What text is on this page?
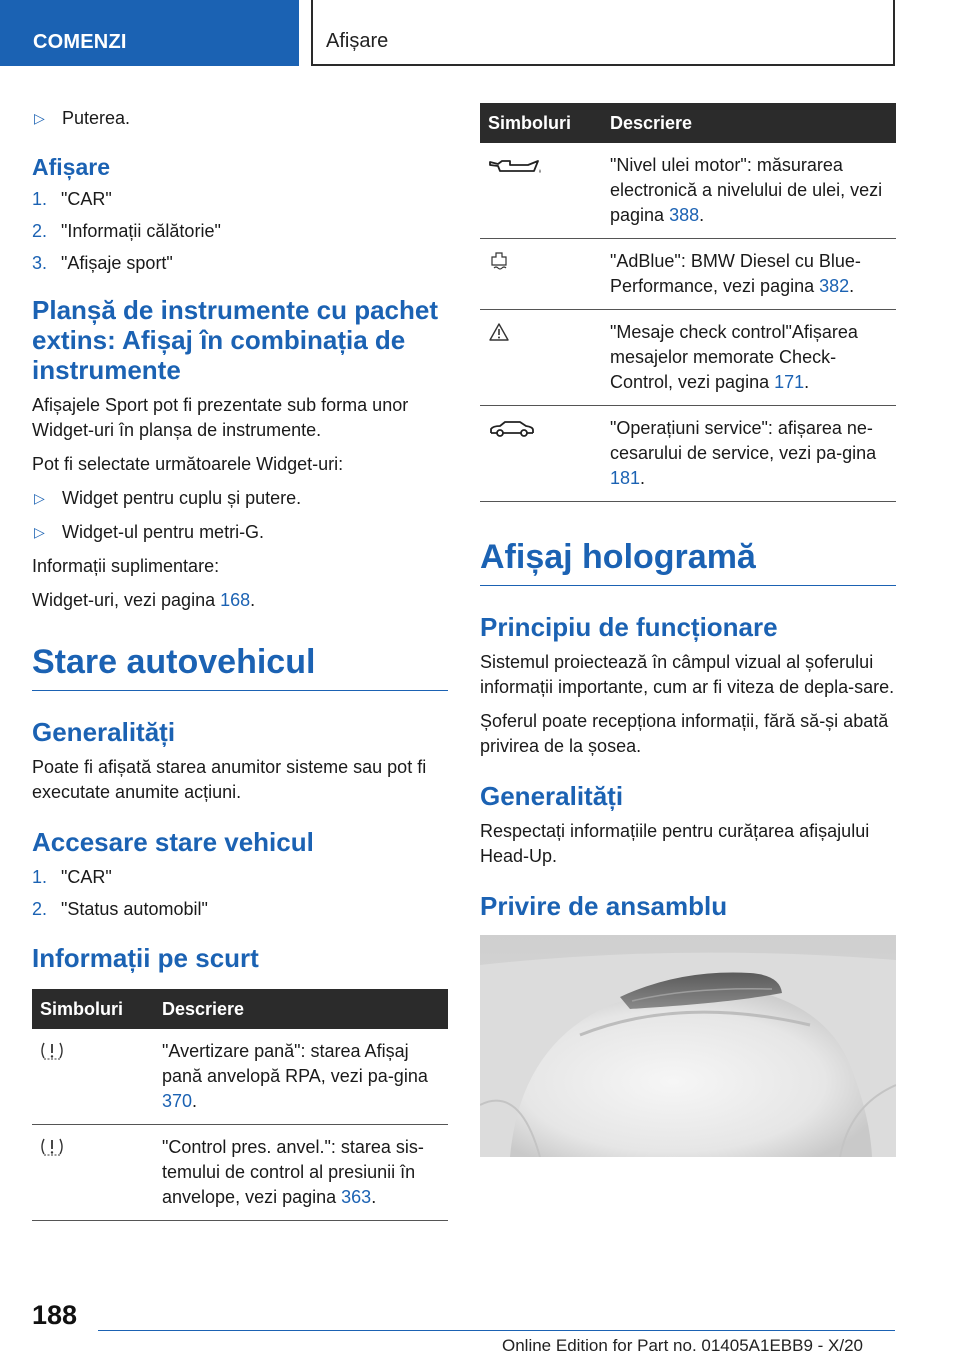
COMENZI	Afișare
▷ Puterea.
Afișare
1. "CAR"
2. "Informații călătorie"
3. "Afișaje sport"
Planșă de instrumente cu pachet extins: Afișaj în combinația de instrumente

Afișajele Sport pot fi prezentate sub forma unor Widget-uri în planșa de instrumente.

Pot fi selectate următoarele Widget-uri:

▷ Widget pentru cuplu și putere.
▷ Widget-ul pentru metri-G.

Informații suplimentare:

Widget-uri, vezi pagina 168.

Stare autovehicul
Generalități

Poate fi afișată starea anumitor sisteme sau pot fi executate anumite acțiuni.

Accesare stare vehicul
1. "CAR"
2. "Status automobil"
Informații pe scurt
Simboluri	Descriere
	"Avertizare pană": starea Afișaj pană anvelopă RPA, vezi pa-gina 370.
	"Control pres. anvel.": starea sis-temului de control al presiunii în anvelope, vezi pagina 363.
Simboluri	Descriere
	"Nivel ulei motor": măsurarea electronică a nivelului de ulei, vezi pagina 388.
	"AdBlue": BMW Diesel cu Blue-Performance, vezi pagina 382.
	"Mesaje check control"Afișarea mesajelor memorate Check-Control, vezi pagina 171.
	"Operațiuni service": afișarea ne-cesarului de service, vezi pa-gina 181.
Afișaj hologramă
Principiu de funcționare

Sistemul proiectează în câmpul vizual al șoferului informații importante, cum ar fi viteza de depla-sare.

Șoferul poate recepționa informații, fără să-și abată privirea de la șosea.

Generalități

Respectați informațiile pentru curățarea afișajului Head-Up.

Privire de ansamblu
188
Online Edition for Part no. 01405A1EBB9 - X/20
